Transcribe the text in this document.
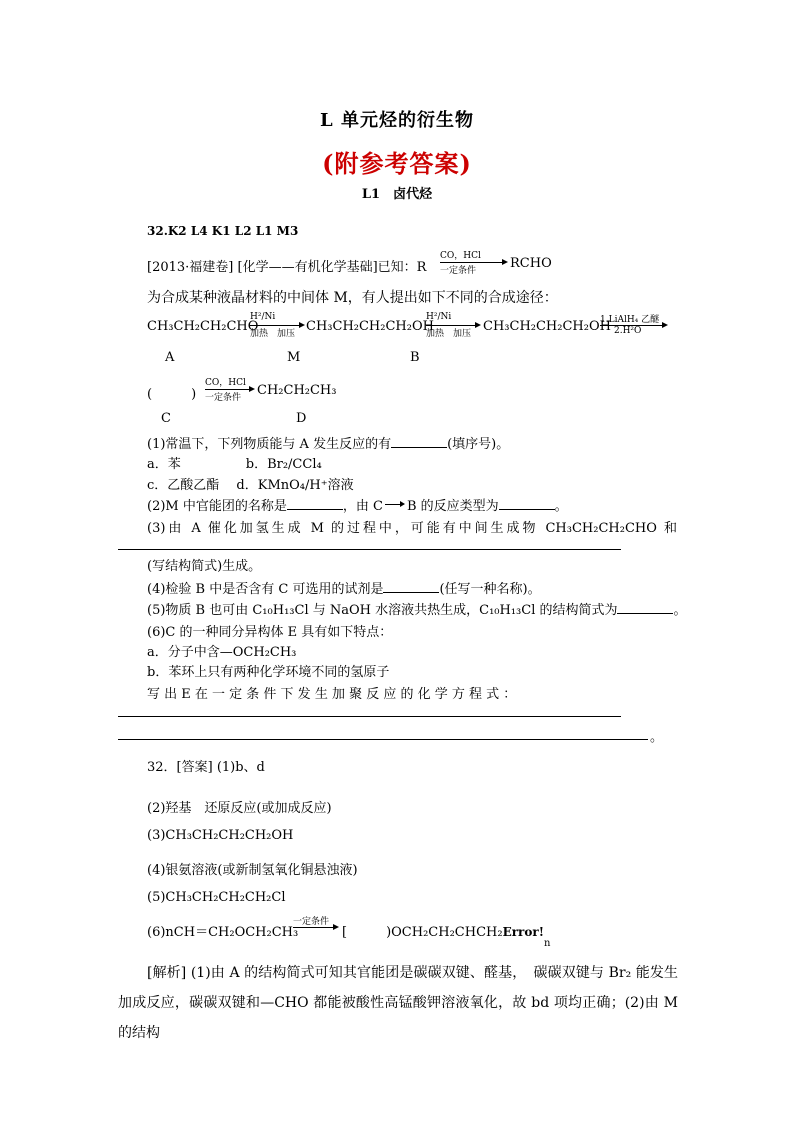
L 单元烃的衍生物
(附参考答案)
L1　卤代烃
32.K2 L4 K1 L2 L1 M3
[2013·福建卷] [化学——有机化学基础]已知：R
CO，HCl
一定条件	RCHO
为合成某种液晶材料的中间体 M，有人提出如下不同的合成途径：
CH₃CH₂CH₂CHO
H²/Ni
加热　加压 CH₃CH₂CH₂CH₂OH
H²/Ni
加热　加压 CH₃CH₂CH₂CH₂OH
1.LiAlH₄ 乙醚
2.H²O
A	M	B
(　　　)
CO，HCl
一定条件 CH₂CH₂CH₃
C	D
(1)常温下，下列物质能与 A 发生反应的有	(填序号)。
a．苯　　　　　b．Br₂/CCl₄
c．乙酸乙酯　 d．KMnO₄/H⁺溶液
(2)M 中官能团的名称是	，由 C B 的反应类型为	。
(3)由 A 催化加氢生成 M 的过程中，可能有中间生成物 CH₃CH₂CH₂CHO 和
(写结构简式)生成。
(4)检验 B 中是否含有 C 可选用的试剂是	(任写一种名称)。
(5)物质 B 也可由 C₁₀H₁₃Cl 与 NaOH 水溶液共热生成，C₁₀H₁₃Cl 的结构简式为	。
(6)C 的一种同分异构体 E 具有如下特点：
a．分子中含—OCH₂CH₃
b．苯环上只有两种化学环境不同的氢原子
写 出 E 在 一 定 条 件 下 发 生 加 聚 反 应 的 化 学 方 程 式 ：
。
32．[答案] (1)b、d
(2)羟基　还原反应(或加成反应)
(3)CH₃CH₂CH₂CH₂OH
(4)银氨溶液(或新制氢氧化铜悬浊液)
(5)CH₃CH₂CH₂CH₂Cl
(6)nCH＝CH₂OCH₂CH₃
一定条件
[　　　)$OCH_2CH_2CHCH_2Error!_n$
[解析] (1)由 A 的结构简式可知其官能团是碳碳双键、醛基，　碳碳双键与 Br₂ 能发生加成反应，碳碳双键和—CHO 都能被酸性高锰酸钾溶液氧化，故 bd 项均正确；(2)由 M 的结构
